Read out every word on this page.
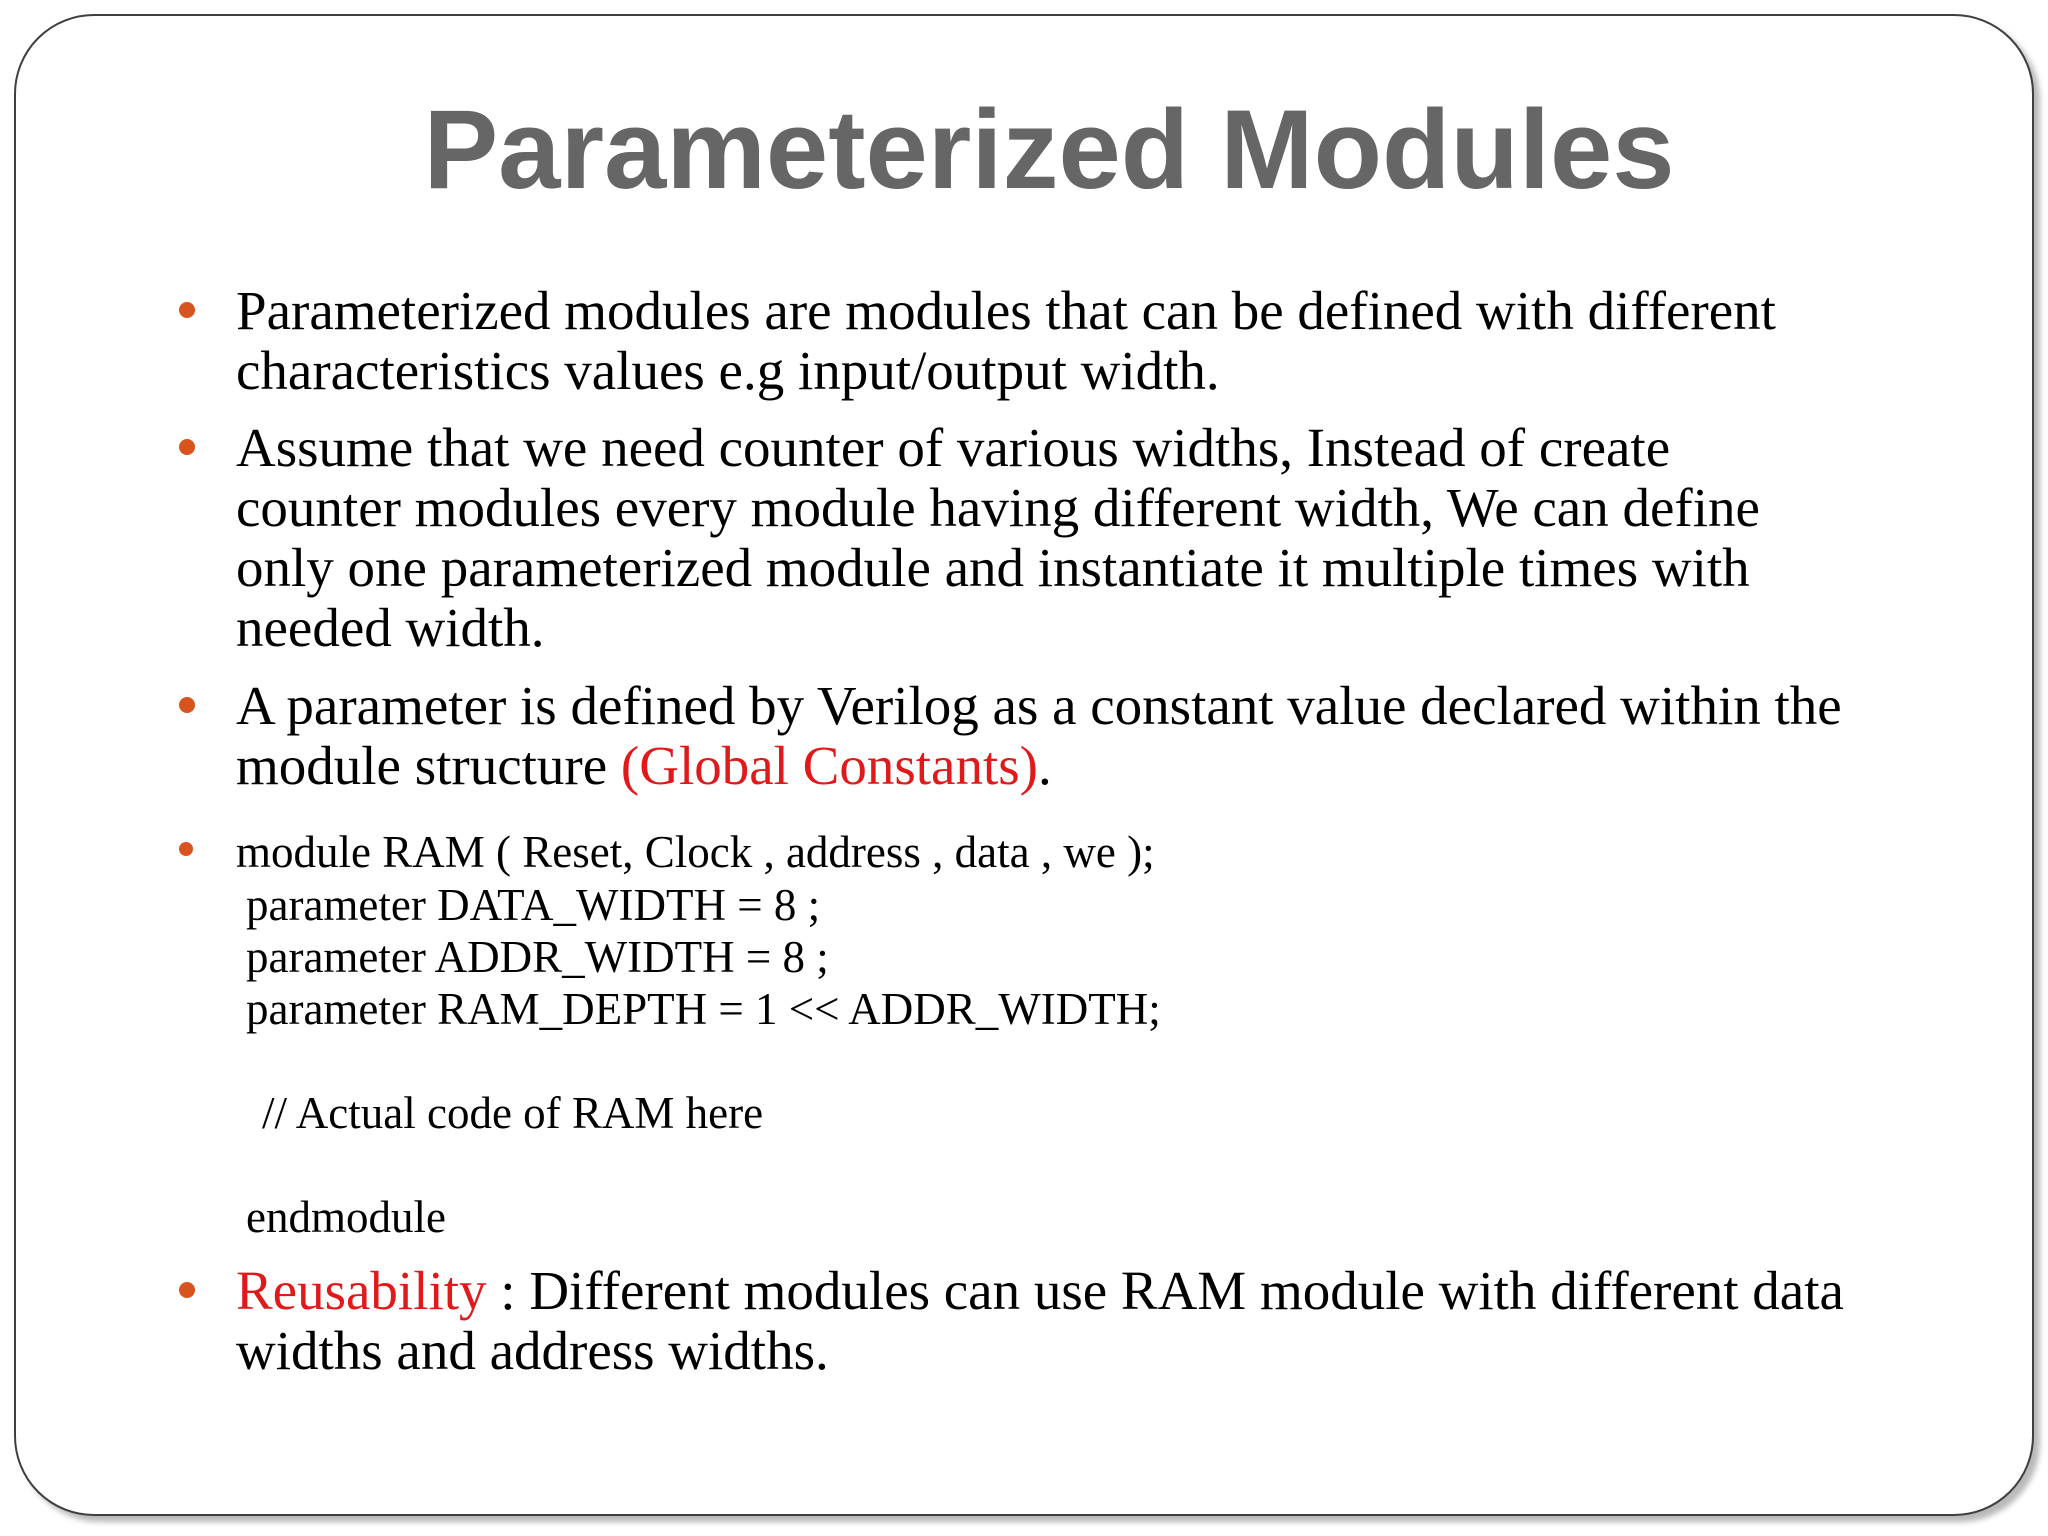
Parameterized Modules
Parameterized modules are modules that can be defined with different
characteristics values e.g input/output width.
Assume that we need counter of various widths, Instead of create
counter modules every module having different width, We can define
only one parameterized module and instantiate it multiple times with
needed width.
A parameter is defined by Verilog as a constant value declared within the
module structure (Global Constants).
module RAM ( Reset, Clock , address , data , we );
parameter DATA_WIDTH = 8 ;
parameter ADDR_WIDTH = 8 ;
parameter RAM_DEPTH = 1 << ADDR_WIDTH;
// Actual code of RAM here
endmodule
Reusability : Different modules can use RAM module with different data
widths and address widths.
